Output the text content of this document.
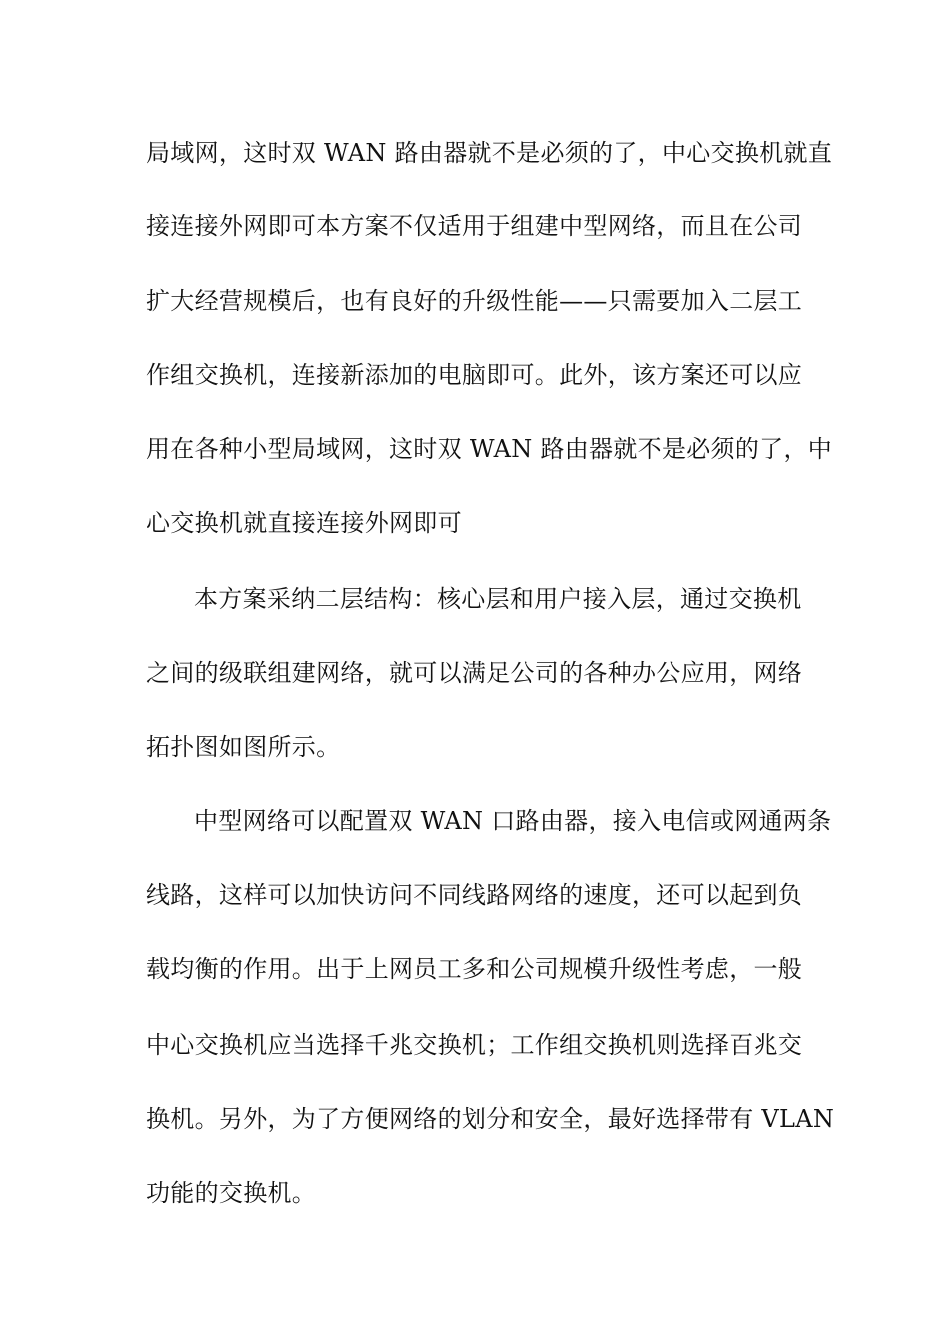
局域网，这时双 WAN 路由器就不是必须的了，中心交换机就直
接连接外网即可本方案不仅适用于组建中型网络，而且在公司
扩大经营规模后，也有良好的升级性能——只需要加入二层工
作组交换机，连接新添加的电脑即可。此外，该方案还可以应
用在各种小型局域网，这时双 WAN 路由器就不是必须的了，中
心交换机就直接连接外网即可
本方案采纳二层结构：核心层和用户接入层，通过交换机
之间的级联组建网络，就可以满足公司的各种办公应用，网络
拓扑图如图所示。
中型网络可以配置双 WAN 口路由器，接入电信或网通两条
线路，这样可以加快访问不同线路网络的速度，还可以起到负
载均衡的作用。出于上网员工多和公司规模升级性考虑，一般
中心交换机应当选择千兆交换机；工作组交换机则选择百兆交
换机。另外，为了方便网络的划分和安全，最好选择带有 VLAN
功能的交换机。
